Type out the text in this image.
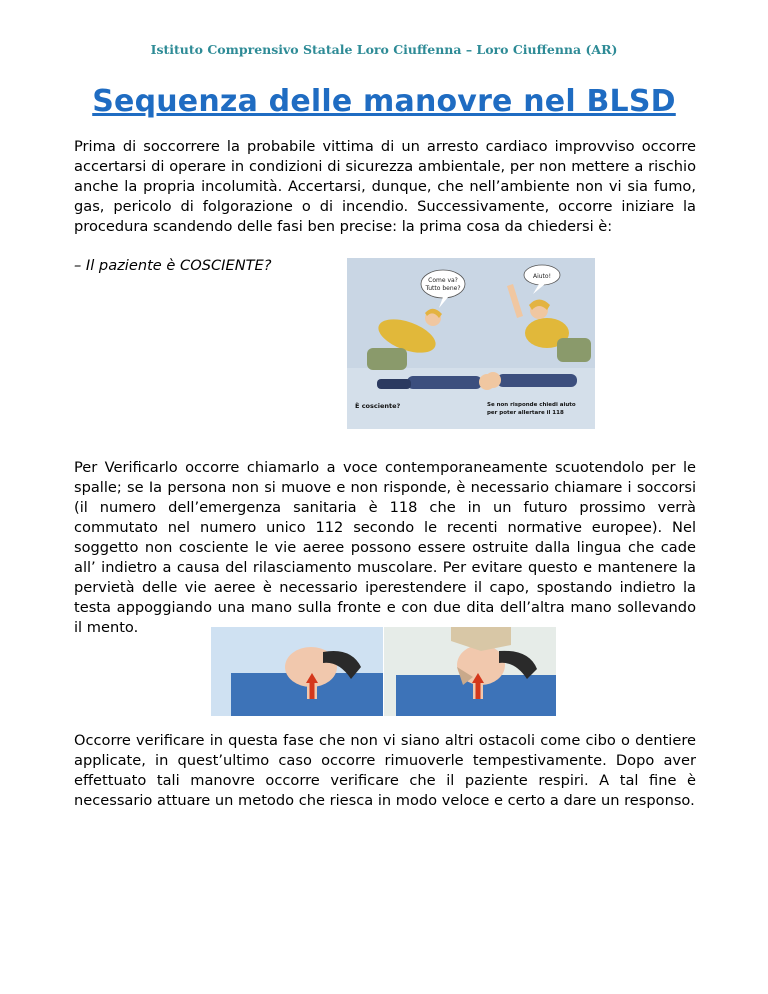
Istituto Comprensivo Statale Loro Ciuffenna – Loro Ciuffenna (AR)
Sequenza delle manovre nel BLSD
Prima di soccorrere la probabile vittima di un arresto cardiaco improvviso occorre accertarsi di operare in condizioni di sicurezza ambientale, per non mettere a rischio anche la propria incolumità. Accertarsi, dunque, che nell’ambiente non vi sia fumo, gas, pericolo di folgorazione o di incendio. Successivamente, occorre iniziare la procedura scandendo delle fasi ben precise: la prima cosa da chiedersi è:
– Il paziente è COSCIENTE?
Come va?
Tutto bene?
Aiuto!
È cosciente?	Se non risponde chiedi aiuto
per poter allertare il 118
Per Verificarlo occorre chiamarlo a voce contemporaneamente scuotendolo per le spalle; se Ia persona non si muove e non risponde, è necessario chiamare i soccorsi (il numero dell’emergenza sanitaria è 118 che in un futuro prossimo verrà commutato nel numero unico 112 secondo le recenti normative europee). Nel soggetto non cosciente le vie aeree possono essere ostruite dalla lingua che cade all’ indietro a causa del rilasciamento muscolare. Per evitare questo e mantenere la pervietà delle vie aeree è necessario iperestendere il capo, spostando indietro la testa appoggiando una mano sulla fronte e con due dita dell’altra mano sollevando il mento.
Occorre verificare in questa fase che non vi siano altri ostacoli come cibo o dentiere applicate, in quest’ultimo caso occorre rimuoverle tempestivamente. Dopo aver effettuato tali manovre occorre verificare che il paziente respiri. A tal fine è necessario attuare un metodo che riesca in modo veloce e certo a dare un responso.
